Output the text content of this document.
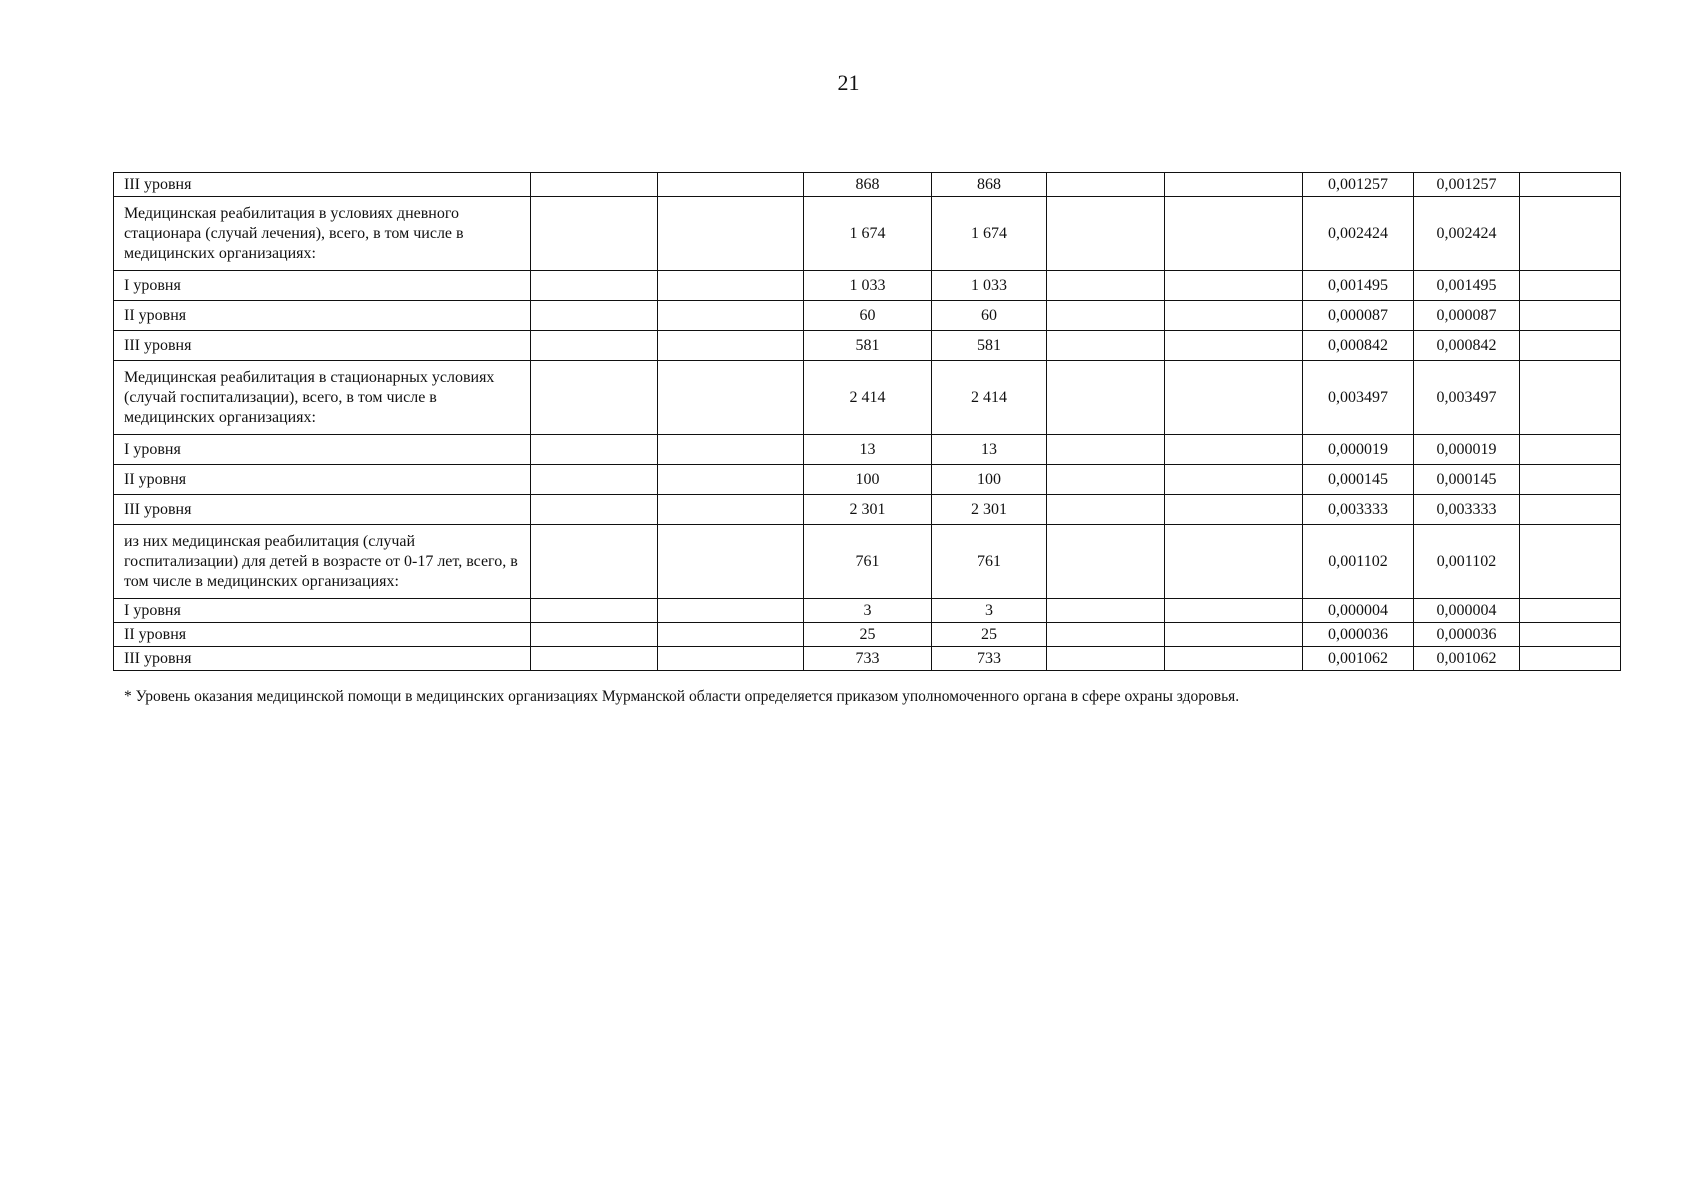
21
III уровня			868	868			0,001257	0,001257	
Медицинская реабилитация в условиях дневного стационара (случай лечения), всего, в том числе в медицинских организациях:			1 674	1 674			0,002424	0,002424	
I уровня			1 033	1 033			0,001495	0,001495	
II уровня			60	60			0,000087	0,000087	
III уровня			581	581			0,000842	0,000842	
Медицинская реабилитация в стационарных условиях (случай госпитализации), всего, в том числе в медицинских организациях:			2 414	2 414			0,003497	0,003497	
I уровня			13	13			0,000019	0,000019	
II уровня			100	100			0,000145	0,000145	
III уровня			2 301	2 301			0,003333	0,003333	
из них медицинская реабилитация (случай госпитализации) для детей в возрасте от 0-17 лет, всего, в том числе в медицинских организациях:			761	761			0,001102	0,001102	
I уровня			3	3			0,000004	0,000004	
II уровня			25	25			0,000036	0,000036	
III уровня			733	733			0,001062	0,001062	
* Уровень оказания медицинской помощи в медицинских организациях Мурманской области определяется приказом уполномоченного органа в сфере охраны здоровья.
